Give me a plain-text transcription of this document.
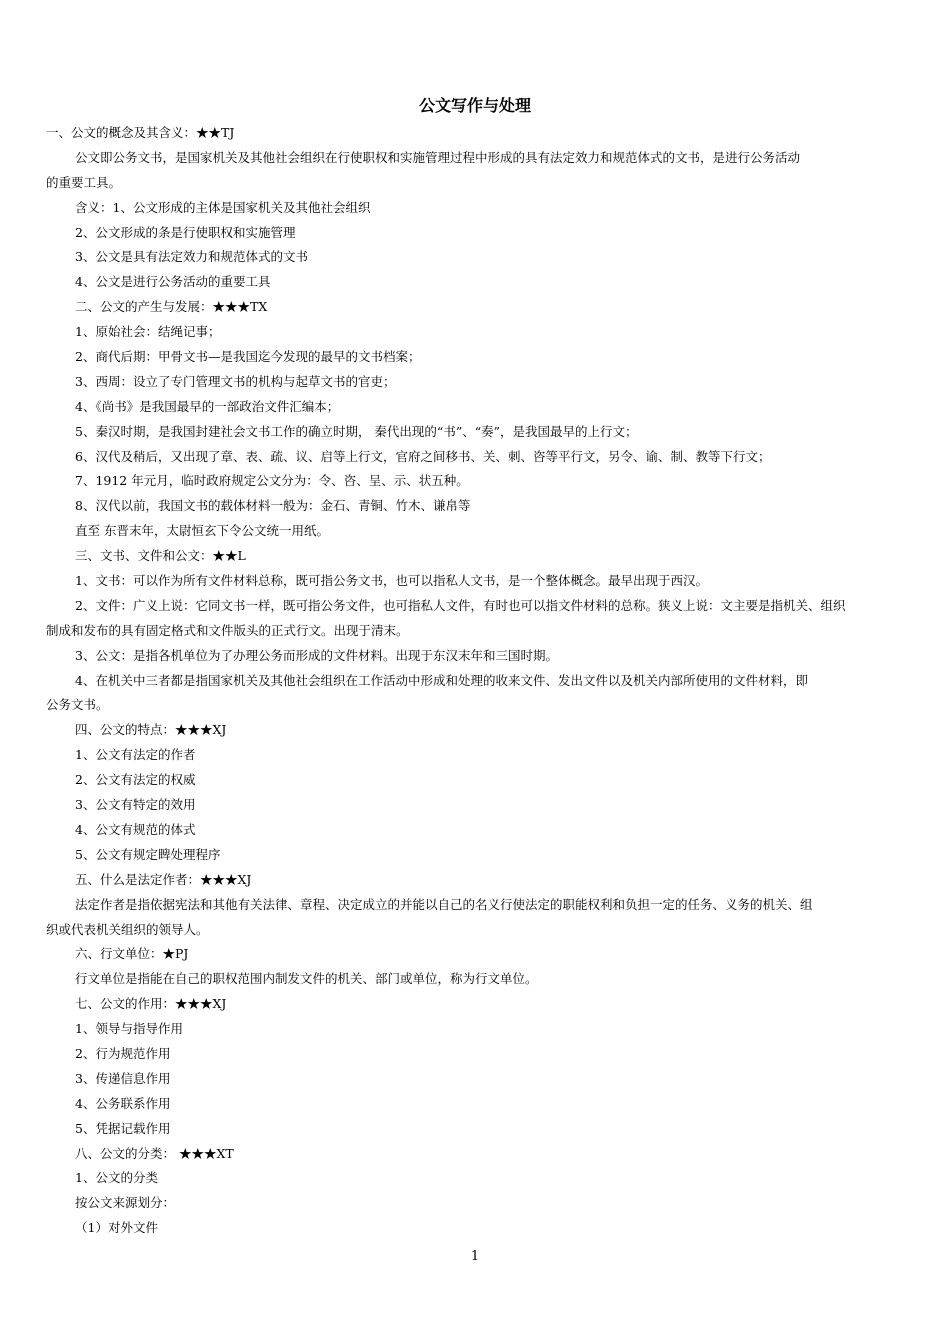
公文写作与处理
一、公文的概念及其含义：★★TJ
公文即公务文书，是国家机关及其他社会组织在行使职权和实施管理过程中形成的具有法定效力和规范体式的文书，是进行公务活动
的重要工具。
含义：1、公文形成的主体是国家机关及其他社会组织
2、公文形成的条是行使职权和实施管理
3、公文是具有法定效力和规范体式的文书
4、公文是进行公务活动的重要工具
二、公文的产生与发展：★★★TX
1、原始社会：结绳记事；
2、商代后期：甲骨文书—是我国迄今发现的最早的文书档案；
3、西周：设立了专门管理文书的机构与起草文书的官吏；
4、《尚书》是我国最早的一部政治文件汇编本；
5、秦汉时期，是我国封建社会文书工作的确立时期， 秦代出现的“书”、“奏”，是我国最早的上行文；
6、汉代及稍后，又出现了章、表、疏、议、启等上行文，官府之间移书、关、刺、咨等平行文，另令、谕、制、教等下行文；
7、1912 年元月，临时政府规定公文分为：令、咨、呈、示、状五种。
8、汉代以前，我国文书的载体材料一般为：金石、青铜、竹木、谦帛等
直至 东晋末年，太尉恒玄下令公文统一用纸。
三、文书、文件和公文：★★L
1、文书：可以作为所有文件材料总称，既可指公务文书，也可以指私人文书，是一个整体概念。最早出现于西汉。
2、文件：广义上说：它同文书一样，既可指公务文件，也可指私人文件，有时也可以指文件材料的总称。狭义上说：文主要是指机关、组织
制成和发布的具有固定格式和文件版头的正式行文。出现于清末。
3、公文：是指各机单位为了办理公务而形成的文件材料。出现于东汉末年和三国时期。
4、在机关中三者都是指国家机关及其他社会组织在工作活动中形成和处理的收来文件、发出文件以及机关内部所使用的文件材料，即
公务文书。
四、公文的特点：★★★XJ
1、公文有法定的作者
2、公文有法定的权威
3、公文有特定的效用
4、公文有规范的体式
5、公文有规定睥处理程序
五、什么是法定作者：★★★XJ
法定作者是指依据宪法和其他有关法律、章程、决定成立的并能以自己的名义行使法定的职能权利和负担一定的任务、义务的机关、组
织或代表机关组织的领导人。
六、行文单位：★PJ
行文单位是指能在自己的职权范围内制发文件的机关、部门或单位，称为行文单位。
七、公文的作用：★★★XJ
1、领导与指导作用
2、行为规范作用
3、传递信息作用
4、公务联系作用
5、凭据记载作用
八、公文的分类： ★★★XT
1、公文的分类
按公文来源划分：
（1）对外文件
1
